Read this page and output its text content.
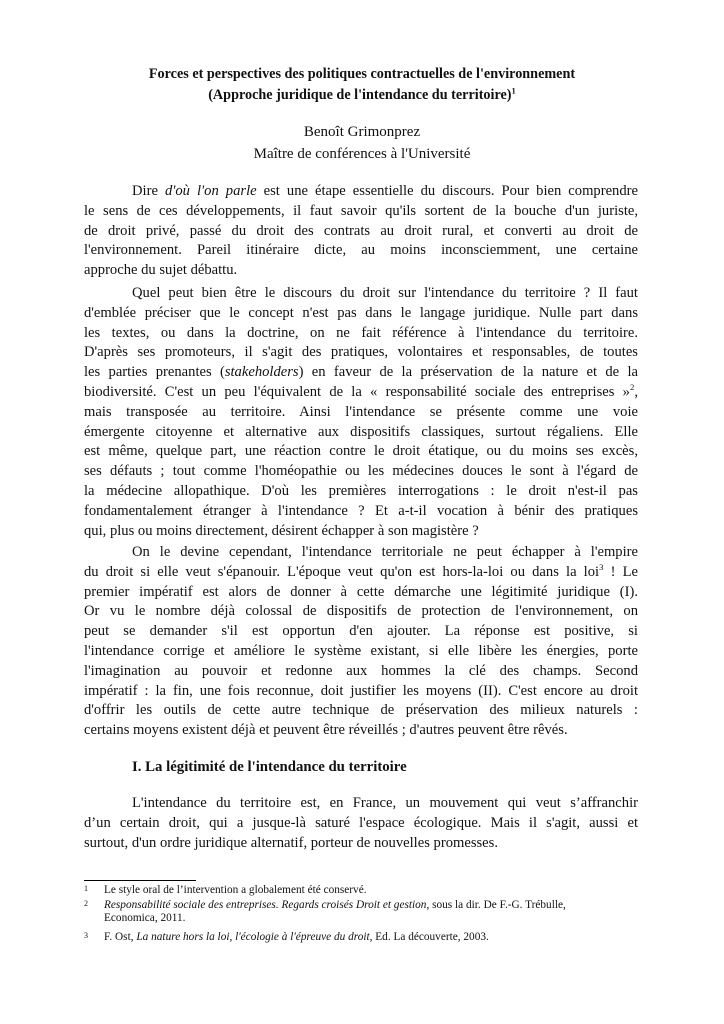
Forces et perspectives des politiques contractuelles de l'environnement
(Approche juridique de l'intendance du territoire)$^1$
Benoît Grimonprez
Maître de conférences à l'Université
Dire d'où l'on parle est une étape essentielle du discours. Pour bien comprendre
le sens de ces développements, il faut savoir qu'ils sortent de la bouche d'un juriste,
de droit privé, passé du droit des contrats au droit rural, et converti au droit de
l'environnement. Pareil itinéraire dicte, au moins inconsciemment, une certaine
approche du sujet débattu.
Quel peut bien être le discours du droit sur l'intendance du territoire ? Il faut
d'emblée préciser que le concept n'est pas dans le langage juridique. Nulle part dans
les textes, ou dans la doctrine, on ne fait référence à l'intendance du territoire.
D'après ses promoteurs, il s'agit des pratiques, volontaires et responsables, de toutes
les parties prenantes (stakeholders) en faveur de la préservation de la nature et de la
biodiversité. C'est un peu l'équivalent de la « responsabilité sociale des entreprises »$^2$,
mais transposée au territoire. Ainsi l'intendance se présente comme une voie
émergente citoyenne et alternative aux dispositifs classiques, surtout régaliens. Elle
est même, quelque part, une réaction contre le droit étatique, ou du moins ses excès,
ses défauts ; tout comme l'homéopathie ou les médecines douces le sont à l'égard de
la médecine allopathique. D'où les premières interrogations : le droit n'est-il pas
fondamentalement étranger à l'intendance ? Et a-t-il vocation à bénir des pratiques
qui, plus ou moins directement, désirent échapper à son magistère ?
On le devine cependant, l'intendance territoriale ne peut échapper à l'empire
du droit si elle veut s'épanouir. L'époque veut qu'on est hors-la-loi ou dans la loi$^3$ ! Le
premier impératif est alors de donner à cette démarche une légitimité juridique (I).
Or vu le nombre déjà colossal de dispositifs de protection de l'environnement, on
peut se demander s'il est opportun d'en ajouter. La réponse est positive, si
l'intendance corrige et améliore le système existant, si elle libère les énergies, porte
l'imagination au pouvoir et redonne aux hommes la clé des champs. Second
impératif : la fin, une fois reconnue, doit justifier les moyens (II). C'est encore au droit
d'offrir les outils de cette autre technique de préservation des milieux naturels :
certains moyens existent déjà et peuvent être réveillés ; d'autres peuvent être rêvés.
I. La légitimité de l'intendance du territoire
L'intendance du territoire est, en France, un mouvement qui veut s’affranchir
d’un certain droit, qui a jusque-là saturé l'espace écologique. Mais il s'agit, aussi et
surtout, d'un ordre juridique alternatif, porteur de nouvelles promesses.
1	Le style oral de l’intervention a globalement été conservé.
2	Responsabilité sociale des entreprises. Regards croisés Droit et gestion, sous la dir. De F.-G. Trébulle,
Economica, 2011.
3	F. Ost, La nature hors la loi, l'écologie à l'épreuve du droit, Ed. La découverte, 2003.
